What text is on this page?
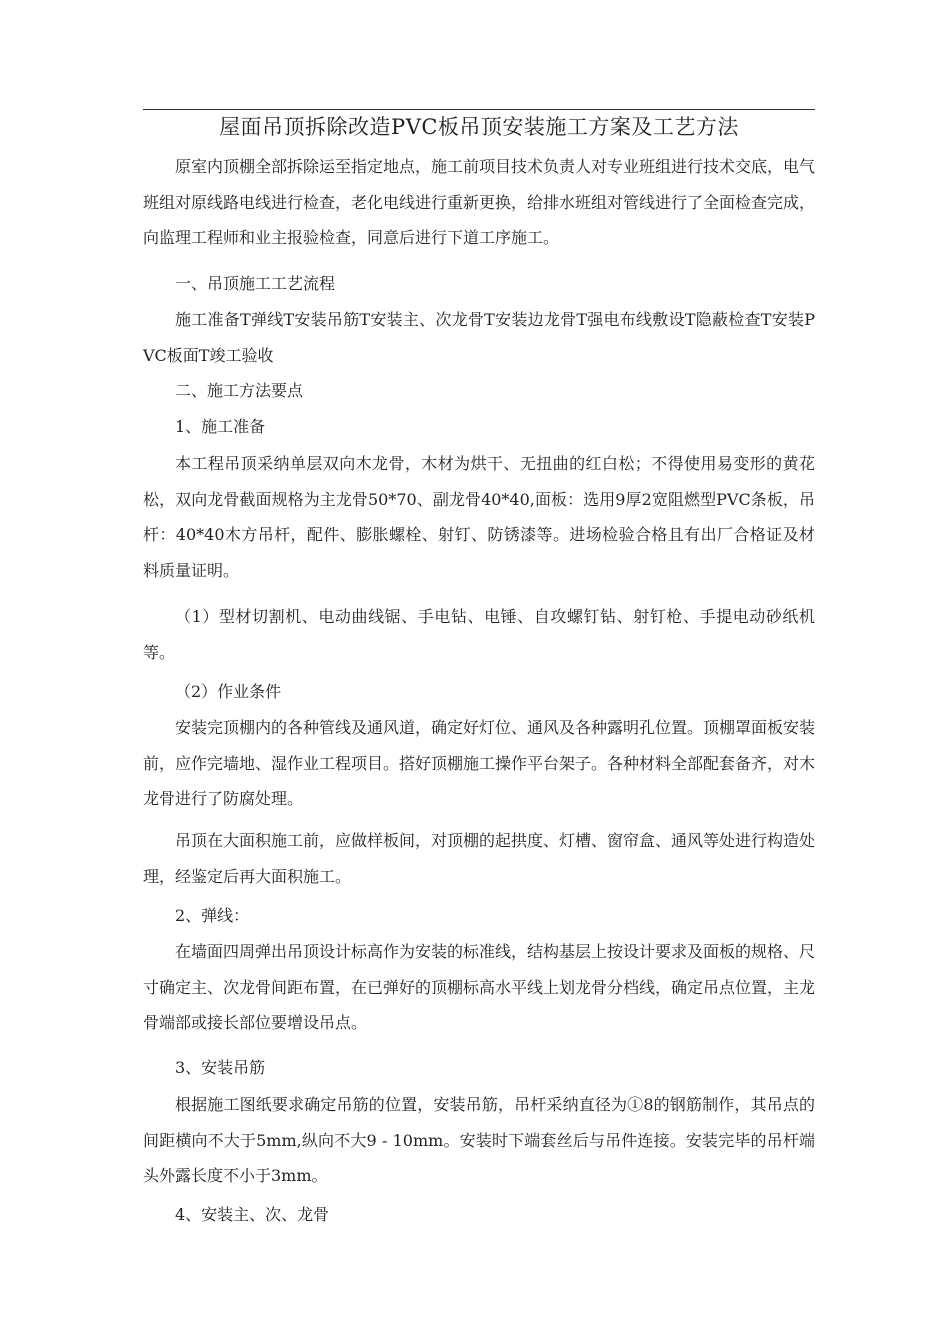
屋面吊顶拆除改造PVC板吊顶安装施工方案及工艺方法

原室内顶棚全部拆除运至指定地点，施工前项目技术负责人对专业班组进行技术交底，电气班组对原线路电线进行检查，老化电线进行重新更换，给排水班组对管线进行了全面检查完成，向监理工程师和业主报验检查，同意后进行下道工序施工。

一、吊顶施工工艺流程

施工准备T弹线T安装吊筋T安装主、次龙骨T安装边龙骨T强电布线敷设T隐蔽检查T安装PVC板面T竣工验收

二、施工方法要点

1、施工准备

本工程吊顶采纳单层双向木龙骨，木材为烘干、无扭曲的红白松；不得使用易变形的黄花松，双向龙骨截面规格为主龙骨50*70、副龙骨40*40,面板：选用9厚2宽阻燃型PVC条板，吊杆：40*40木方吊杆，配件、膨胀螺栓、射钉、防锈漆等。进场检验合格且有出厂合格证及材料质量证明。

（1）型材切割机、电动曲线锯、手电钻、电锤、自攻螺钉钻、射钉枪、手提电动砂纸机等。

（2）作业条件

安装完顶棚内的各种管线及通风道，确定好灯位、通风及各种露明孔位置。顶棚罩面板安装前，应作完墙地、湿作业工程项目。搭好顶棚施工操作平台架子。各种材料全部配套备齐，对木龙骨进行了防腐处理。

吊顶在大面积施工前，应做样板间，对顶棚的起拱度、灯槽、窗帘盒、通风等处进行构造处理，经鉴定后再大面积施工。

2、弹线：

在墙面四周弹出吊顶设计标高作为安装的标准线，结构基层上按设计要求及面板的规格、尺寸确定主、次龙骨间距布置，在已弹好的顶棚标高水平线上划龙骨分档线，确定吊点位置，主龙骨端部或接长部位要增设吊点。

3、安装吊筋

根据施工图纸要求确定吊筋的位置，安装吊筋，吊杆采纳直径为①8的钢筋制作，其吊点的间距横向不大于5mm,纵向不大9 - 10mm。安装时下端套丝后与吊件连接。安装完毕的吊杆端头外露长度不小于3mm。

4、安装主、次、龙骨
